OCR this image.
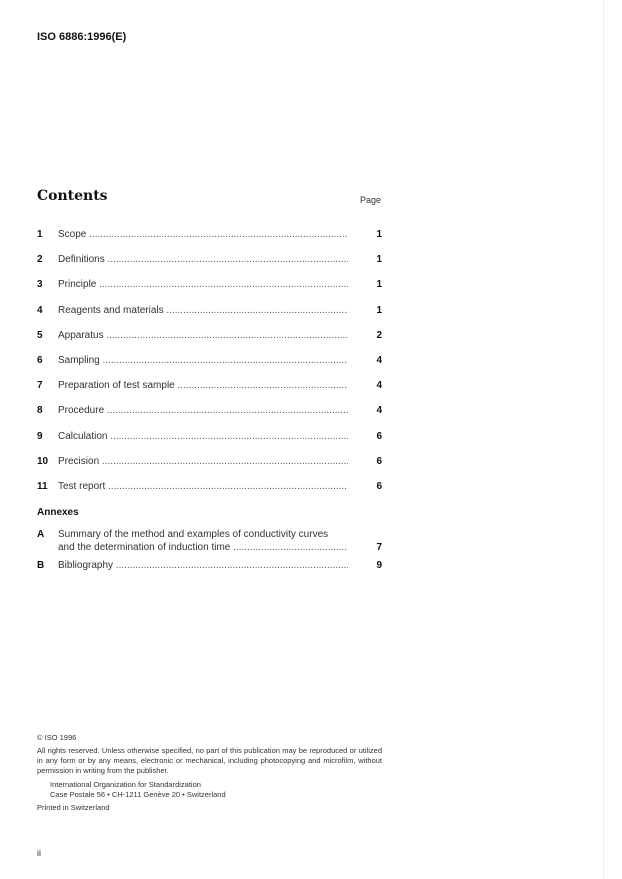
ISO 6886:1996(E)
Contents	Page
1 Scope .....	1
2 Definitions .....	1
3 Principle .....	1
4 Reagents and materials .....	1
5 Apparatus .....	2
6 Sampling .....	4
7 Preparation of test sample .....	4
8 Procedure .....	4
9 Calculation .....	6
10 Precision .....	6
11 Test report .....	6
Annexes
A Summary of the method and examples of conductivity curves
and the determination of induction time .....	7
B Bibliography .....	9
© ISO 1996
All rights reserved. Unless otherwise specified, no part of this publication may be reproduced or utilized in any form or by any means, electronic or mechanical, including photocopying and microfilm, without permission in writing from the publisher.
International Organization for Standardization
Case Postale 56 • CH-1211 Genève 20 • Switzerland
Printed in Switzerland
ii
